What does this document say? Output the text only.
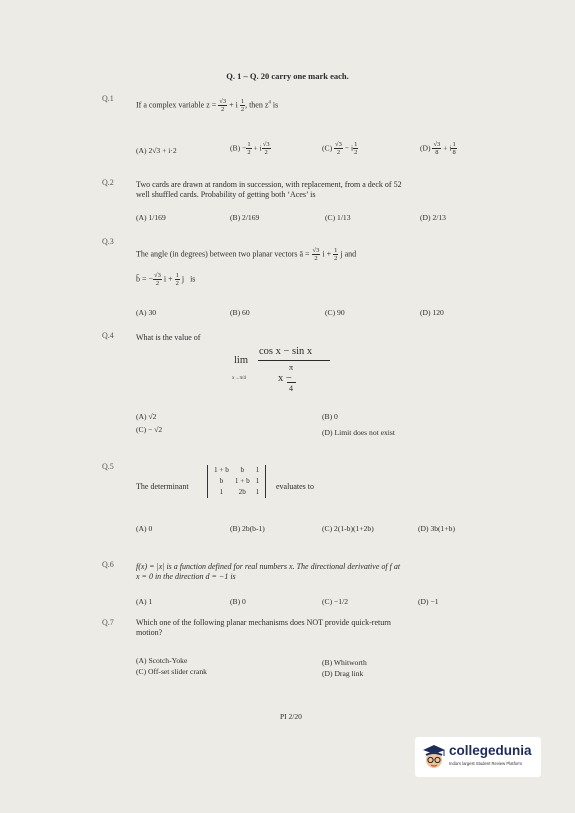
Q. 1 – Q. 20 carry one mark each.
Q.1
If a complex variable $z = \frac{√3}{2} + i \frac{1}{2}$ , then $z^4$ is
(A) 2√3 + i·2	$(B) - \frac{1}{2} + i \frac{√3}{2}$	$(C) \frac{√3}{2} - i \frac{1}{2}$	$(D) \frac{√3}{8} + i \frac{1}{8}$
Q.2	Two cards are drawn at random in succession, with replacement, from a deck of 52
well shuffled cards. Probability of getting both ‘Aces’ is
(A) 1/169	(B) 2/169	(C) 1/13	(D) 2/13
Q.3
The angle (in degrees) between two planar vectors ā = $\frac{√3}{2}$ $i + \frac{1}{2}$ j and
b̄ = − $\frac{√3}{2}$ $i + \frac{1}{2}$ j   is
(A) 30	(B) 60	(C) 90	(D) 120
Q.4	What is the value of
lim
x→π/4
cos x − sin x
π
x −
4
(A) √2	(B) 0
(C) − √2	(D) Limit does not exist
Q.5
The determinant
1 + b	b	1
b	1 + b	1
1	2b	1
evaluates to
(A) 0	(B) 2b(b-1)	(C) 2(1-b)(1+2b)	(D) 3b(1+b)
Q.6	f(x) = |x| is a function defined for real numbers x. The directional derivative of f at
x = 0 in the direction d = −1 is
(A) 1	(B) 0	(C) −1/2	(D) −1
Q.7	Which one of the following planar mechanisms does NOT provide quick-return
motion?
(A) Scotch-Yoke	(B) Whitworth
(C) Off-set slider crank	(D) Drag link
PI 2/20
collegedunia
India's largest Student Review Platform
